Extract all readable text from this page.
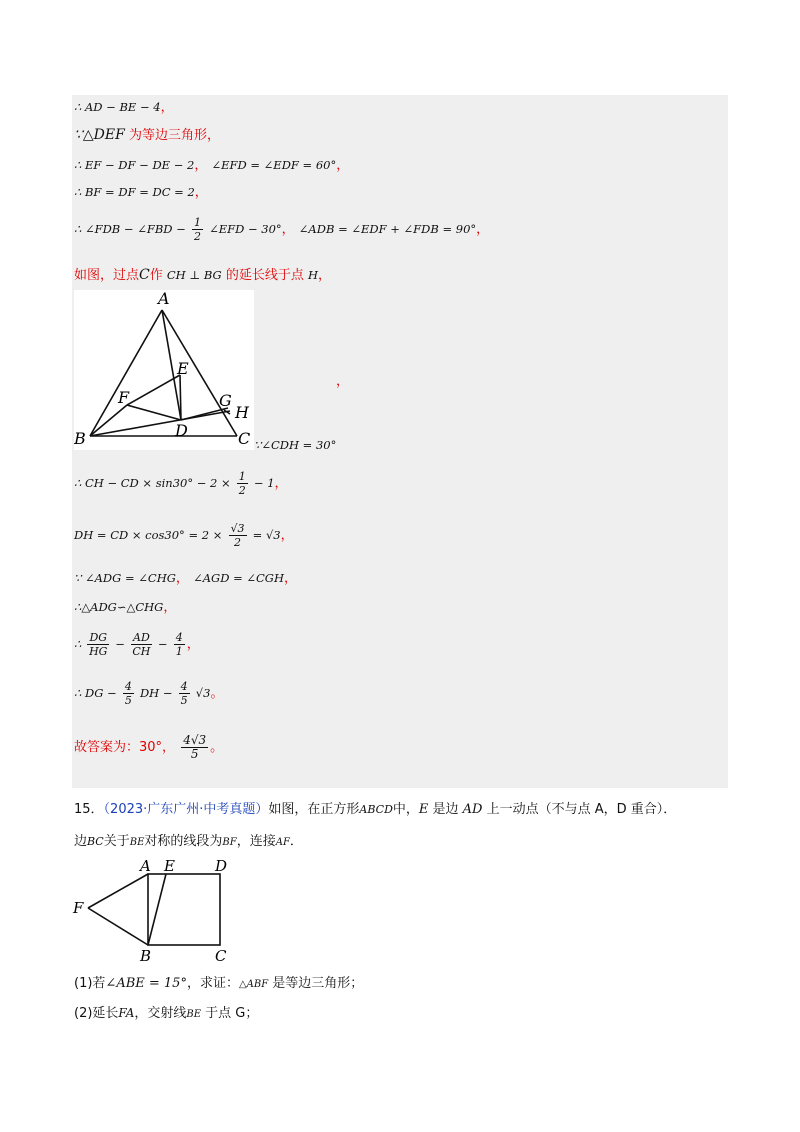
∴ AD − BE − 4，
∵△DEF 为等边三角形，
∴ EF − DF − DE − 2， ∠EFD = ∠EDF = 60°，
∴ BF = DF = DC = 2，
∴ ∠FDB − ∠FBD − $\frac{1}{2}$ ∠EFD − 30°， ∠ADB = ∠EDF + ∠FDB = 90°，
如图，过点C作 CH ⊥ BG 的延长线于点 H，
A
E
F	G
H
B	D	C
，
∵∠CDH = 30°
∴ CH − CD × $\sin 30^\circ - 2 \times \frac{1}{2} - 1$，
DH = CD × $\cos 30^\circ = 2 \times \frac{√3}{2} = √3$，
∵ ∠ADG = ∠CHG， ∠AGD = ∠CGH，
∴△ADG∽△CHG，
∴ $\frac{DG}{HG} - \frac{AD}{CH} - \frac{4}{1}$ ，
∴ DG − $\frac{4}{5}$ DH − $\frac{4}{5} √3$。
故答案为：30°， $\frac{4√3}{5}$ 。
15．（2023·广东广州·中考真题）如图，在正方形ABCD中，E 是边 AD 上一动点（不与点 A，D 重合）．
边BC关于BE对称的线段为BF，连接AF．
A E	D
F
B	C
(1)若∠ABE = 15°，求证：△ABF 是等边三角形；
(2)延长FA，交射线BE 于点 G；
